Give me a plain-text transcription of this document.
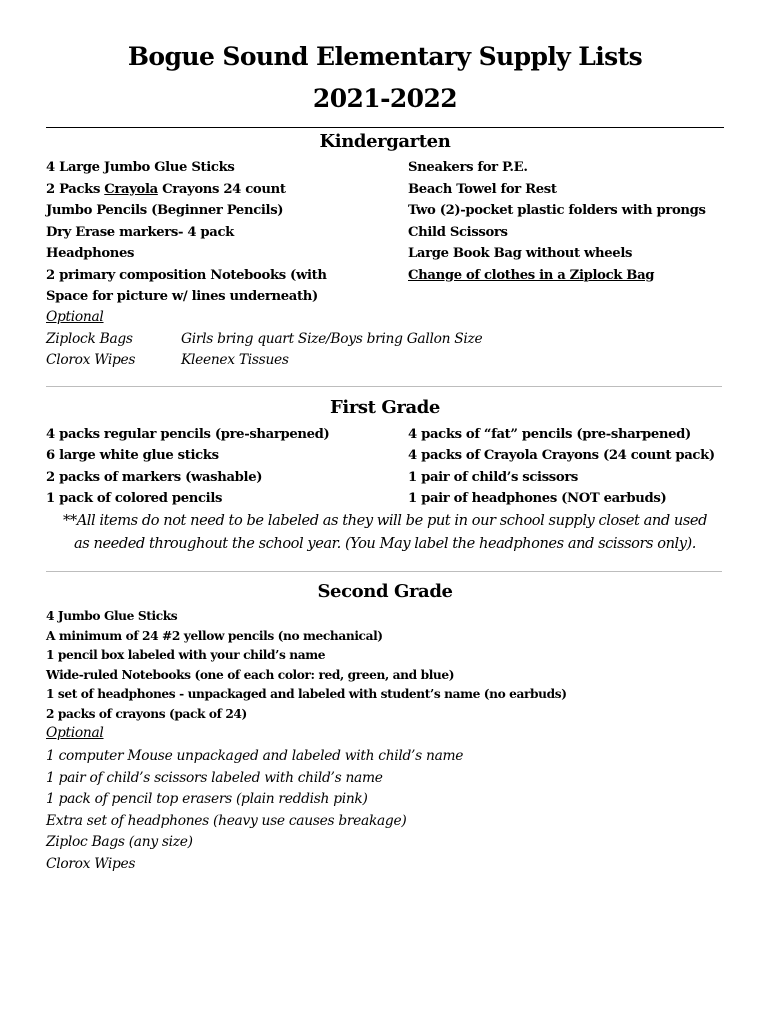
Bogue Sound Elementary Supply Lists
2021-2022
Kindergarten
4 Large Jumbo Glue Sticks
2 Packs Crayola Crayons 24 count
Jumbo Pencils (Beginner Pencils)
Dry Erase markers- 4 pack
Headphones
2 primary composition Notebooks (with
Space for picture w/ lines underneath)
Sneakers for P.E.
Beach Towel for Rest
Two (2)-pocket plastic folders with prongs
Child Scissors
Large Book Bag without wheels
Change of clothes in a Ziplock Bag
Optional
Ziplock Bags	Girls bring quart Size/Boys bring Gallon Size
Clorox Wipes	Kleenex Tissues
First Grade
4 packs regular pencils (pre-sharpened)
6 large white glue sticks
2 packs of markers (washable)
1 pack of colored pencils
4 packs of “fat” pencils (pre-sharpened)
4 packs of Crayola Crayons (24 count pack)
1 pair of child’s scissors
1 pair of headphones (NOT earbuds)
**All items do not need to be labeled as they will be put in our school supply closet and used
as needed throughout the school year. (You May label the headphones and scissors only).
Second Grade
4 Jumbo Glue Sticks
A minimum of 24 #2 yellow pencils (no mechanical)
1 pencil box labeled with your child’s name
Wide-ruled Notebooks (one of each color: red, green, and blue)
1 set of headphones - unpackaged and labeled with student’s name (no earbuds)
2 packs of crayons (pack of 24)
Optional
1 computer Mouse unpackaged and labeled with child’s name
1 pair of child’s scissors labeled with child’s name
1 pack of pencil top erasers (plain reddish pink)
Extra set of headphones (heavy use causes breakage)
Ziploc Bags (any size)
Clorox Wipes
